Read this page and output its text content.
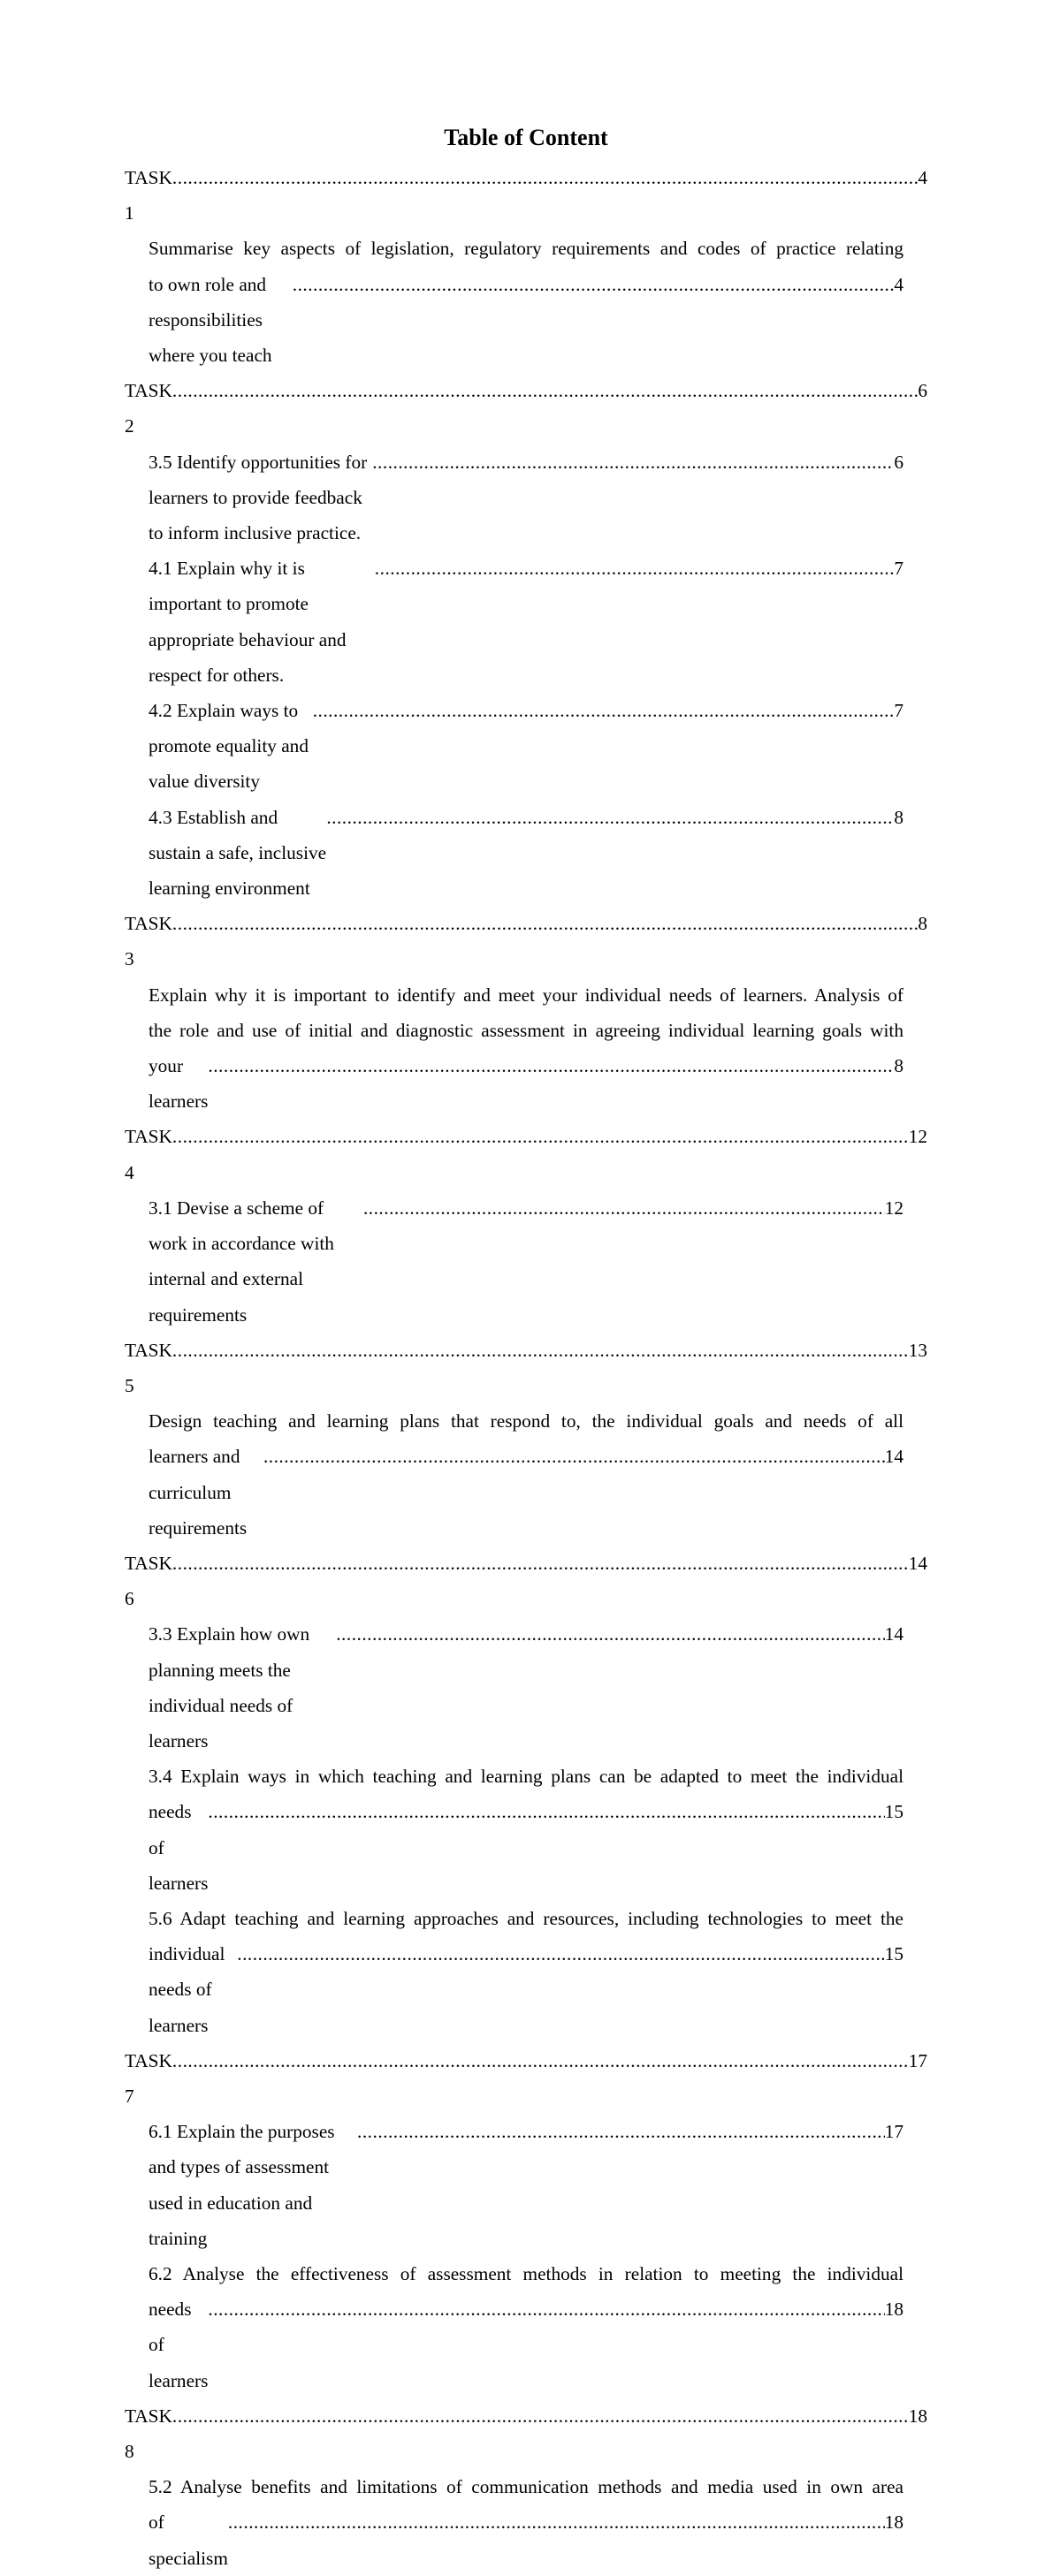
Table of Content
TASK 1
.....
4
Summarise key aspects of legislation, regulatory requirements and codes of practice relating
to own role and responsibilities where you teach
.....
4
TASK 2
.....
6
3.5 Identify opportunities for learners to provide feedback to inform inclusive practice.
.....
6
4.1 Explain why it is important to promote appropriate behaviour and respect for others.
.....
7
4.2 Explain ways to promote equality and value diversity
.....
7
4.3 Establish and sustain a safe, inclusive learning environment
.....
8
TASK 3
.....
8
Explain why it is important to identify and meet your individual needs of learners. Analysis of
the role and use of initial and diagnostic assessment in agreeing individual learning goals with
your learners
.....
8
TASK 4
.....
12
3.1 Devise a scheme of work in accordance with internal and external requirements
.....
12
TASK 5
.....
13
Design teaching and learning plans that respond to, the individual goals and needs of all
learners and curriculum requirements
.....
14
TASK 6
.....
14
3.3 Explain how own planning meets the individual needs of learners
.....
14
3.4 Explain ways in which teaching and learning plans can be adapted to meet the individual
needs of learners
.....
15
5.6 Adapt teaching and learning approaches and resources, including technologies to meet the
individual needs of learners
.....
15
TASK 7
.....
17
6.1 Explain the purposes and types of assessment used in education and training
.....
17
6.2 Analyse the effectiveness of assessment methods in relation to meeting the individual
needs of learners
.....
18
TASK 8
.....
18
5.2 Analyse benefits and limitations of communication methods and media used in own area
of specialism
.....
18
